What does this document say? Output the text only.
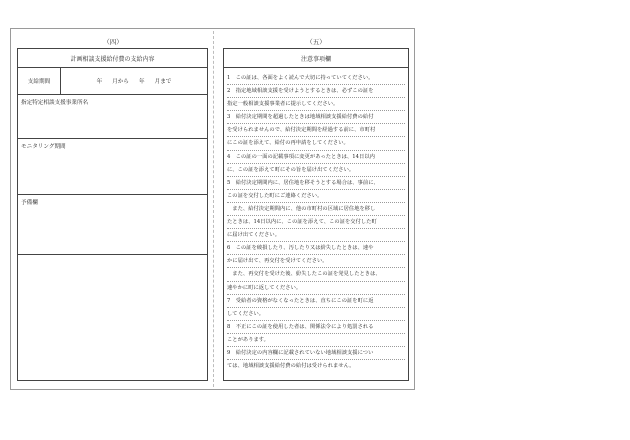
（四）	（五）
計画相談支援給付費の支給内容
支給期間	年 月から 年 月まで
指定特定相談支援事業所名
モニタリング期間
予備欄
注意事項欄
1　この証は、各面をよく読んで大切に持っていてください。
2　指定地域相談支援を受けようとするときは、必ずこの証を
指定一般相談支援事業者に提示してください。
3　給付決定期間を超過したときは地域相談支援給付費の給付
を受けられませんので、給付決定期間を経過する前に、市町村
にこの証を添えて、給付の再申請をしてください。
4　この証の一面の記載事項に変更があったときは、14日以内
に、この証を添えて町にその旨を届け出てください。
5　給付決定期間内に、居住地を移そうとする場合は、事前に、
この証を交付した町にご連絡ください。
　また、給付決定期間内に、他の市町村の区域に居住地を移し
たときは、14日以内に、この証を添えて、この証を交付した町
に届け出てください。
6　この証を破損したり、汚したり又は紛失したときは、速や
かに届け出て、再交付を受けてください。
　また、再交付を受けた後、紛失したこの証を発見したときは、
速やかに町に返してください。
7　受給者の資格がなくなったときは、直ちにこの証を町に返
してください。
8　不正にこの証を使用した者は、関係法令により処罰される
ことがあります。
9　給付決定の内容欄に記載されていない地域相談支援につい
ては、地域相談支援給付費の給付は受けられません。
